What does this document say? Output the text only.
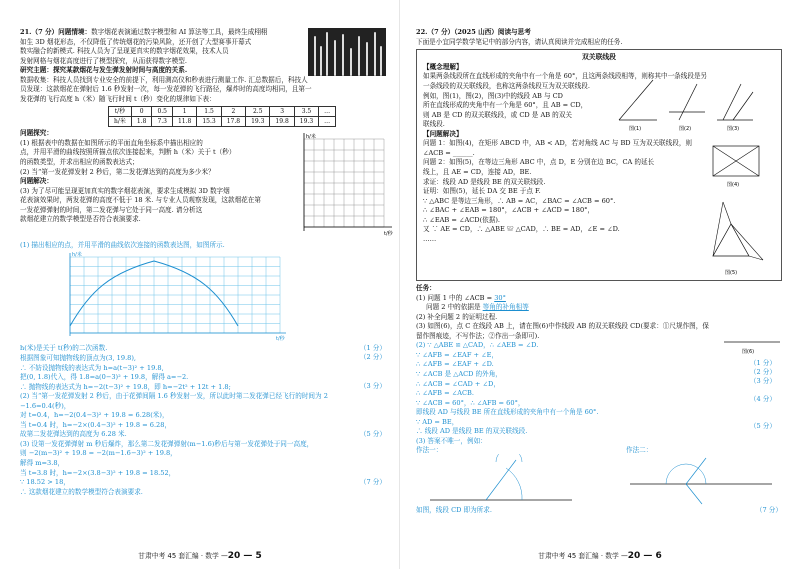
21.（7 分）问题情境：数字烟花表演通过数字模型和 AI 算法等工具，最终生成栩栩
如生 3D 烟花形态，不仅降低了传统烟花的污染风险，还开创了大型赛事开幕式
数实融合的新模式. 科技人员为了呈现更真实的数字烟花效果，技术人员
发射网格与烟花高度进行了模型探究，从而获得数字模型.
研究主题：探究某款烟花与发生弹发射时间与高度的关系.
数据收集：科技人员找到专业安全的前提下，利用测高仪和秒表进行测量工作. 汇总数据后，科技人
员发现：这款烟花在弹射后 1.6 秒发射一次，每一发花弹的飞行路径，爆炸时的高度均相同，且第一
发花弹的飞行高度 h（米）随飞行时间 t（秒）变化的规律如下表：
t/秒	0	0.5	1	1.5	2	2.5	3	3.5	…
h/米	1.8	7.3	11.8	15.3	17.8	19.3	19.8	19.3	…
问题探究：
(1) 根据表中的数据在如图所示的平面直角坐标系中描出相应的
点，并用平滑的曲线按照所描点依次连接起来，判断 h（米）关于 t（秒）
的函数类型，并求出相应的函数表达式；
(2) 当“第一发花弹发射 2 秒后，第二发花弹达到的高度为多少米？
问题解决：
(3) 为了尽可能呈现更加真实的数字烟花表演，要求生成模拟 3D 数字烟
花表演效果时，两发花弹的高度不低于 18 米. 与专业人员观察发现，这款烟花在第
一发花弹弹射的时间，第二发花弹与它处于同一高度. 请分析这
款烟花建立的数学模型是否符合表演要求.
h/米
t/秒
(1) 描出相应的点，并用平滑的曲线依次连接的函数表达图，如图所示.
t/秒
h/米
h(米)是关于 t(秒)的二次函数.
根据图象可知抛物线的顶点为(3, 19.8),
∴ 不妨设抛物线的表达式为 h=a(t−3)² + 19.8,
把(0, 1.8)代入，得 1.8=a(0−3)² + 19.8，解得 a=−2.
∴ 抛物线的表达式为 h=−2(t−3)² + 19.8，即 h=−2t² + 12t + 1.8;
(2) 当“第一发花弹发射 2 秒后，由于花弹间隔 1.6 秒发射一发，所以此时第二发花弹已经飞行的时间为 2
−1.6=0.4(秒)，
对 t=0.4，h=−2(0.4−3)² + 19.8 = 6.28(米)，
当 t=0.4 时，h=−2×(0.4−3)² + 19.8 = 6.28，
故第二发花弹达到的高度为 6.28 米.
(3) 设第一发花弹弹射 m 秒后爆炸，那么第二发花弹弹射(m−1.6)秒后与第一发花弹处于同一高度，
则 −2(m−3)² + 19.8 = −2(m−1.6−3)² + 19.8，
解得 m=3.8，
当 t=3.8 时，h=−2×(3.8−3)² + 19.8 = 18.52，
∵ 18.52 > 18，
∴ 这款烟花建立的数学模型符合表演要求.
（1 分）
（2 分）
（3 分）
（5 分）
（7 分）
甘肃中考 45 套汇编 · 数学 —20 — 5
22.（7 分）（2025 山西）阅读与思考
下面是小宜同学数学笔记中的部分内容，请认真阅读并完成相应的任务.
双关联线段
【概念理解】
如果两条线段所在直线形成的夹角中有一个角是 60°，且这两条线段相等，则称其中一条线段是另
一条线段的双关联线段，也称这两条线段互为双关联线段.
例如，图(1)，图(2)，图(3)中的线段 AB 与 CD
所在直线形成的夹角中有一个角是 60°，且 AB = CD，
则 AB 是 CD 的双关联线段，或 CD 是 AB 的双关
联线段.
【问题解决】
问题 1：如图(4)，在矩形 ABCD 中，AB < AD，若对角线 AC 与 BD 互为双关联线段，则
∠ACB = ______.
问题 2：如图(5)，在等边三角形 ABC 中，点 D，E 分别在边 BC，CA 的延长
线上，且 AE = CD，连接 AD，BE.
求证：线段 AD 是线段 BE 的双关联线段.
证明：如图(5)，延长 DA 交 BE 于点 F.
∵ △ABC 是等边三角形，∴ AB = AC，∠BAC = ∠ACB = 60°.
∴ ∠BAC + ∠EAB = 180°，∠ACB + ∠ACD = 180°，
∴ ∠EAB = ∠ACD(依据).
又 ∵ AE = CD，∴ △ABE ≌ △CAD，∴ BE = AD，∠E = ∠D.
……
图(1)	图(2)	图(3)
图(4)
图(5)
任务：
(1) 问题 1 中的 ∠ACB = 30°
问题 2 中的依据是 等角的补角相等
(2) 补全问题 2 的证明过程.
(3) 如图(6)，点 C 在线段 AB 上，请在图(6)中作线段 AB 的双关联线段 CD(要求：①尺规作图，保
留作图痕迹，不写作法；②作出一条即可).
(2) ∵ △ABE ≌ △CAD，∴ ∠AEB = ∠D.
∵ ∠AFB = ∠EAF + ∠E，
∴ ∠AFB = ∠EAF + ∠D.
∵ ∠ACB 是 △ACD 的外角，
∴ ∠ACB = ∠CAD + ∠D，
∴ ∠AFB = ∠ACB.
∵ ∠ACB = 60°，∴ ∠AFB = 60°，
即线段 AD 与线段 BE 所在直线形成的夹角中有一个角是 60°.
∵ AD = BE，
∴ 线段 AD 是线段 BE 的双关联线段.
(3) 答案不唯一，例如：
（1 分）
（2 分）
（3 分）
（4 分）
（5 分）
图(6)
作法一：	作法二：
如图，线段 CD 即为所求.	（7 分）
甘肃中考 45 套汇编 · 数学 —20 — 6
